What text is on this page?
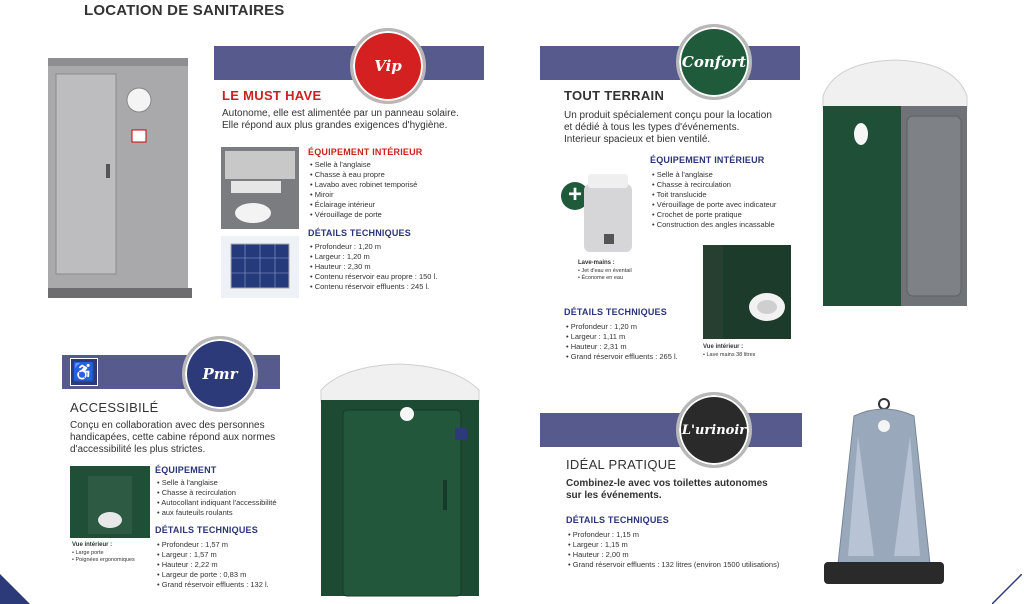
LOCATION DE SANITAIRES
Vip
LE MUST HAVE
Autonome, elle est alimentée par un panneau solaire.
Elle répond aux plus grandes exigences d'hygiène.
ÉQUIPEMENT INTÉRIEUR
• Selle à l'anglaise
• Chasse à eau propre
• Lavabo avec robinet temporisé
• Miroir
• Éclairage intérieur
• Vérouillage de porte
DÉTAILS TECHNIQUES
• Profondeur : 1,20 m
• Largeur : 1,20 m
• Hauteur : 2,30 m
• Contenu réservoir eau propre : 150 l.
• Contenu réservoir effluents : 245 l.
Confort
TOUT TERRAIN
Un produit spécialement conçu pour la location
et dédié à tous les types d'événements.
Interieur spacieux et bien ventilé.
+
Lave-mains :
• Jet d'eau en éventail
• Économe en eau
ÉQUIPEMENT INTÉRIEUR
• Selle à l'anglaise
• Chasse à recirculation
• Toit translucide
• Vérouillage de porte avec indicateur
• Crochet de porte pratique
• Construction des angles incassable
Vue intérieur :
• Lave mains 38 litres
DÉTAILS TECHNIQUES
• Profondeur : 1,20 m
• Largeur : 1,11 m
• Hauteur : 2,31 m
• Grand réservoir effluents : 265 l.
♿	Pmr
ACCESSIBILÉ
Conçu en collaboration avec des personnes
handicapées, cette cabine répond aux normes
d'accessibilité les plus strictes.
Vue intérieur :
• Large porte
• Poignées ergonomiques
ÉQUIPEMENT
• Selle à l'anglaise
• Chasse à recirculation
• Autocollant indiquant l'accessibilité
• aux fauteuils roulants
DÉTAILS TECHNIQUES
• Profondeur : 1,57 m
• Largeur : 1,57 m
• Hauteur : 2,22 m
• Largeur de porte : 0,83 m
• Grand réservoir effluents : 132 l.
L'urinoir
IDÉAL PRATIQUE
Combinez-le avec vos toilettes autonomes
sur les événements.
DÉTAILS TECHNIQUES
• Profondeur : 1,15 m
• Largeur : 1,15 m
• Hauteur : 2,00 m
• Grand réservoir effluents : 132 litres (environ 1500 utilisations)
